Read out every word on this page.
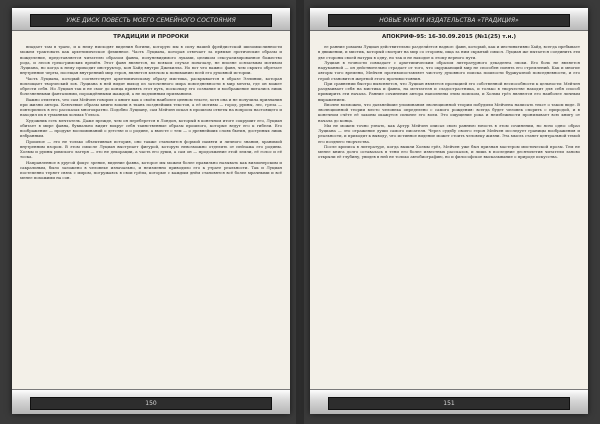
УЖЕ ДИСК ПОВЕСТЬ МОЕГО СЕМЕЙНОГО СОСТОЯНИЯ
ТРАДИЦИИ И ПРОРОКИ

впадает там в транс, и к нему нисходят видения богини, которую мы в силу нашей фрейдистской шизомыслинности можем трактовать как архетипическое феминное. Часть Луциана, которая отвечает за прямые эротические образы и вожделение, представляется читателю образом фавна, полуневидимого луками, целиком сексуализированное божество рода, и лесов греко-римских времён. Этот фавн является, во всяком случае поначалу, не вполне осязаемым мотивом Луциана, но когда к нему приходит инструктор, кон Хайд внутри Джекилла. Но вот что важно: фавн, чем скрыто обретает внутренние черты, посещая внутренний мир героя, является ключом к пониманию всей его духовной истории.

Часть Луциана, который соответствует архетипическому образу мистика, раскрывается в образе Эллинии, которая воплощает творческий зов. Луциана в ней видит выход из заточенного мира повседневности в мир мечты, где он может обрести себя. Но Луциан так и не смог до конца принять этот путь, поскольку его сознание и воображение питались лишь болезненными фантазиями, порождёнными жаждой, а не подлинным призванием.

Важно отметить, что сам Мейчен говорил о книге как о своём наиболее ценном тексте, хотя она и не получила признания при жизни автора. Ключевые образы книги вошли в ткань позднейших текстов, а её мотивы — город, руины, лес, греза — повторились в его рассказах многократно. Подобно Луциану, сам Мейчен искал в прошлом ответы на вопросы настоящего и находил их в туманных холмах Уэльса.

Художник есть мечтатель. Даже прежде, чем он переберется в Лондон, который в конечном итоге сокрушит его, Луциан обитает в мире фавна, буквально видит вокруг себя таинственные образы прошлого, которые ведут его к гибели. Его воображение — продукт воспоминаний о детстве и о родине, а вместе с тем — о древнейших слоях бытия, доступных лишь избранным.

Прошлое — это не только объективная история, оно также становится формой памяти и личного знания, хранимой внутренним взором. В этом смысле Луциан выступает фигурой, которую невозможно отделить от пейзажа его родины. Холмы и руины римского лагеря — это не декорации, а часть его души, а сам он — продолжение этой земли, её голос и её тоска.

Направленное в другой фокус зрение, видение фавна, которое мы можем более правильно называть как визионерским и сакральным, было заложено в человеке изначально, и неизменно приводило его к утрате реальности. Так и Луциан постепенно теряет связь с миром, погружаясь в свои грёзы, которые с каждым днём становятся всё более мрачными и всё менее похожими на сон.

150
НОВЫЕ КНИГИ ИЗДАТЕЛЬСТВА «ТРАДИЦИЯ»
АПОКРИФ-95: 16-30.09.2015 (№1(25) т.н.)

ее ранние романы Луциан действительно раздели́ется надвое: фавн, который, как и инстинктивно Хайд, всегда пребывает в движении, и мистик, который смотрит на мир со стороны, ища за ним скрытый смысл. Луциан же пытается соединить эти две стороны своей натуры в одну, но так и не находит к этому верного пути.

Луциан в точности совпадает с архетипическим образом литературного декадента эпохи. Его боль не является надуманной — он действительно страдает от того, что окружающий мир не способен понять его стремлений. Как и многие авторы того времени, Мейчен противопоставляет чистоту духовного поиска пошлости буржуазной повседневности, и его герой становится жертвой этого противостояния.

При сравнении быстро выясняется, что Луциан является проекцией его собственной неспособности к цельности: Мейчен раздваивает себя на мистика и фавна, на мечтателя и сладострастника, и только в творчестве находит для себя способ примирить эти начала. Ранние сочинения автора наполнены этим поиском, и Холмы грёз являются его наиболее личным выражением.

Вполне возможно, что дальнейшие упоминания эволюционной теории побудили Мейчена написать текст о таком виде. В эволюционной теории место человека определено с самого рождения: всегда будет человек спорить с природой, и в конечном счёте её законы окажутся сильнее его воли. Это ощущение рока и неизбежности пронизывает всю книгу от начала до конца.

Мы не можем точно узнать, как Артур Мейчен описал свою раннюю юность в этом сочинении, но ясно одно: образ Луциана — это отражение души самого писателя. Через судьбу своего героя Мейчен исследует границы воображения и реальности, и приходит к выводу, что истинное видение может стоить человеку жизни. Эта мысль станет центральной темой его позднего творчества.

После кризиса в литературе, когда вышли Холмы грёз, Мейчен уже был признан мастером мистической прозы. Тем не менее книга долго оставалась в тени его более известных рассказов, и лишь в последние десятилетия читатели заново открыли её глубину, увидев в ней не только автобиографию, но и философское высказывание о природе искусства.

151
